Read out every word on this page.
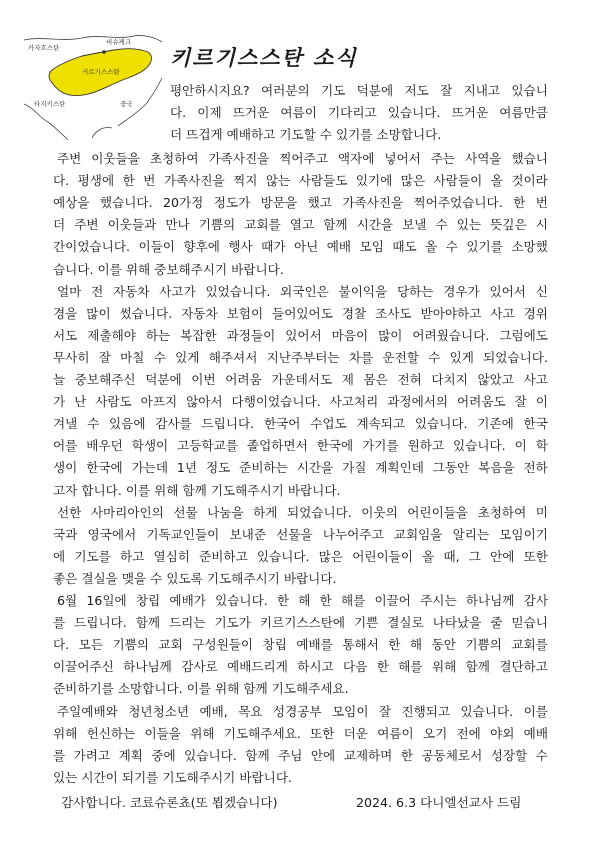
카자흐스탄
비슈케크
키르기스스탄
타지키스탄	중국
키르기스스탄 소식
평안하시지요? 여러분의 기도 덕분에 저도 잘 지내고 있습니
다. 이제 뜨거운 여름이 기다리고 있습니다. 뜨거운 여름만큼
더 뜨겁게 예배하고 기도할 수 있기를 소망합니다.
주변 이웃들을 초청하여 가족사진을 찍어주고 액자에 넣어서 주는 사역을 했습니
다. 평생에 한 번 가족사진을 찍지 않는 사람들도 있기에 많은 사람들이 올 것이라
예상을 했습니다. 20가정 정도가 방문을 했고 가족사진을 찍어주었습니다. 한 번
더 주변 이웃들과 만나 기쁨의 교회를 열고 함께 시간을 보낼 수 있는 뜻깊은 시
간이었습니다. 이들이 향후에 행사 때가 아닌 예배 모임 때도 올 수 있기를 소망했
습니다. 이를 위해 중보해주시기 바랍니다.
얼마 전 자동차 사고가 있었습니다. 외국인은 불이익을 당하는 경우가 있어서 신
경을 많이 썼습니다. 자동차 보험이 들어있어도 경찰 조사도 받아야하고 사고 경위
서도 제출해야 하는 복잡한 과정들이 있어서 마음이 많이 어려웠습니다. 그럼에도
무사히 잘 마칠 수 있게 해주셔서 지난주부터는 차를 운전할 수 있게 되었습니다.
늘 중보해주신 덕분에 이번 어려움 가운데서도 제 몸은 전혀 다치지 않았고 사고
가 난 사람도 아프지 않아서 다행이었습니다. 사고처리 과정에서의 어려움도 잘 이
겨낼 수 있음에 감사를 드립니다. 한국어 수업도 계속되고 있습니다. 기존에 한국
어를 배우던 학생이 고등학교를 졸업하면서 한국에 가기를 원하고 있습니다. 이 학
생이 한국에 가는데 1년 정도 준비하는 시간을 가질 계획인데 그동안 복음을 전하
고자 합니다. 이를 위해 함께 기도해주시기 바랍니다.
선한 사마리아인의 선물 나눔을 하게 되었습니다. 이웃의 어린이들을 초청하여 미
국과 영국에서 기독교인들이 보내준 선물을 나누어주고 교회임을 알리는 모임이기
에 기도를 하고 열심히 준비하고 있습니다. 많은 어린이들이 올 때, 그 안에 또한
좋은 결실을 맺을 수 있도록 기도해주시기 바랍니다.
6월 16일에 창립 예배가 있습니다. 한 해 한 해를 이끌어 주시는 하나님께 감사
를 드립니다. 함께 드리는 기도가 키르기스스탄에 기쁜 결실로 나타났을 줄 믿습니
다. 모든 기쁨의 교회 구성원들이 창립 예배를 통해서 한 해 동안 기쁨의 교회를
이끌어주신 하나님께 감사로 예배드리게 하시고 다음 한 해를 위해 함께 결단하고
준비하기를 소망합니다. 이를 위해 함께 기도해주세요.
주일예배와 청년청소년 예배, 목요 성경공부 모임이 잘 진행되고 있습니다. 이를
위해 헌신하는 이들을 위해 기도해주세요. 또한 더운 여름이 오기 전에 야외 예배
를 가려고 계획 중에 있습니다. 함께 주님 안에 교제하며 한 공동체로서 성장할 수
있는 시간이 되기를 기도해주시기 바랍니다.
감사합니다. 코료슈론쵸(또 뵙겠습니다)	2024. 6.3 다니엘선교사 드림
